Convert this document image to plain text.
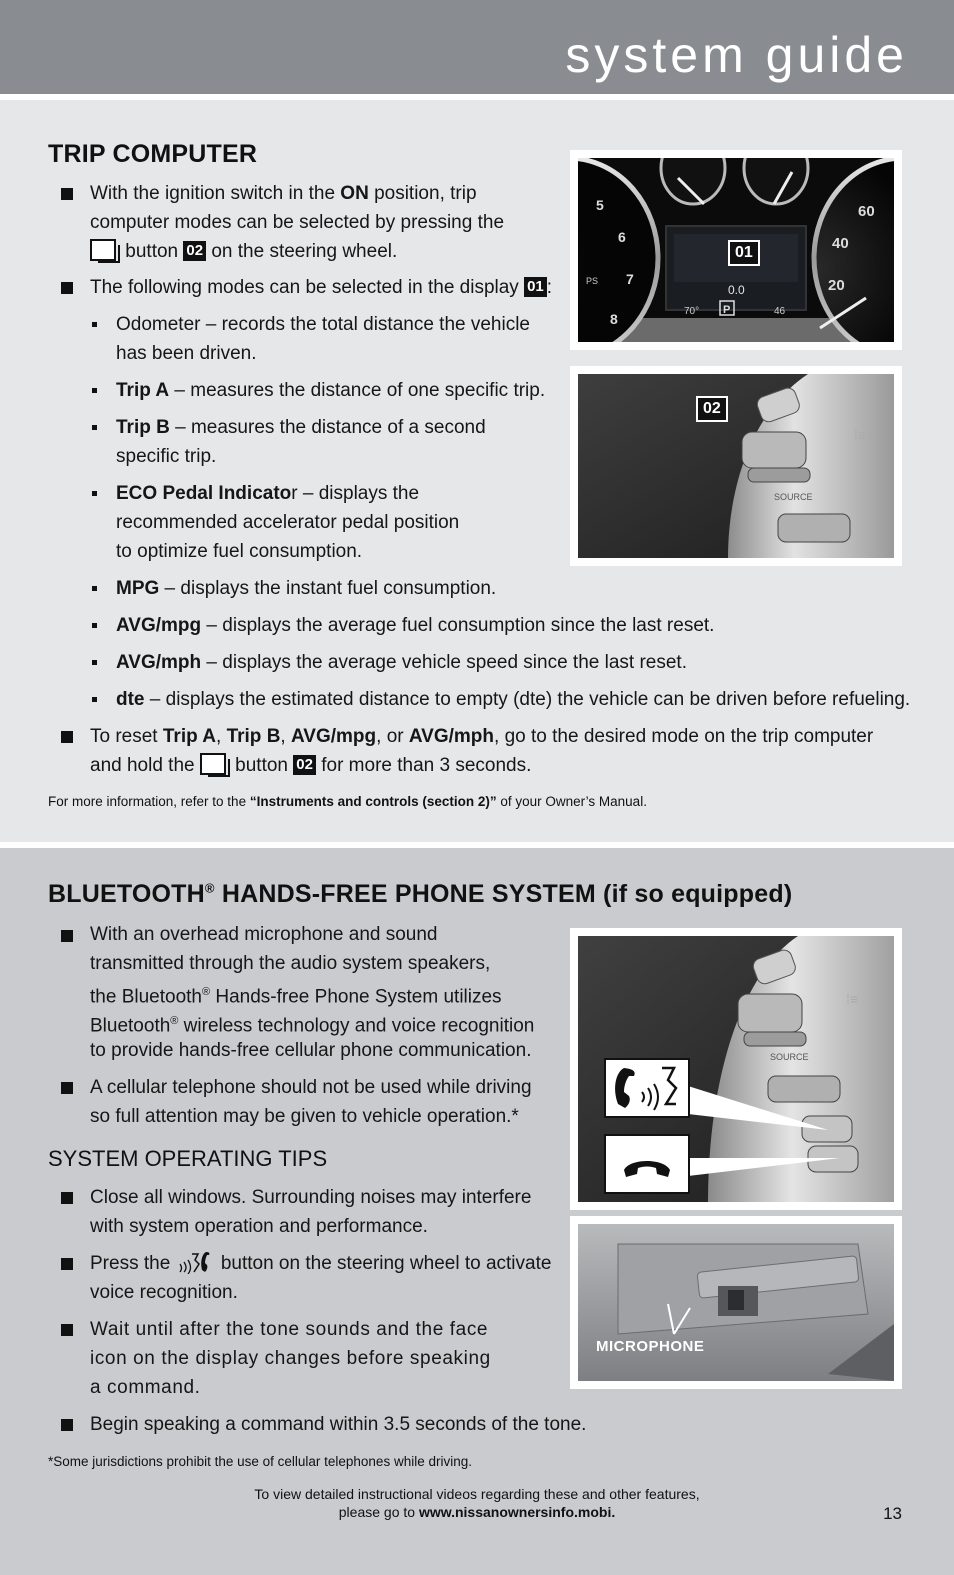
system guide
TRIP COMPUTER
With the ignition switch in the ON position, trip
computer modes can be selected by pressing the
button 02 on the steering wheel.
The following modes can be selected in the display 01 :
Odometer – records the total distance the vehicle
has been driven.
Trip A – measures the distance of one specific trip.
Trip B – measures the distance of a second
specific trip.
ECO Pedal Indicator – displays the
recommended accelerator pedal position
to optimize fuel consumption.
MPG – displays the instant fuel consumption.
AVG/mpg – displays the average fuel consumption since the last reset.
AVG/mph – displays the average vehicle speed since the last reset.
dte – displays the estimated distance to empty (dte) the vehicle can be driven before refueling.
To reset Trip A, Trip B, AVG/mpg, or AVG/mph, go to the desired mode on the trip computer
and hold the  button 02 for more than 3 seconds.
For more information, refer to the “Instruments and controls (section 2)” of your Owner’s Manual.
5
6
7
8
PS
60
40
20
0.0
70° P	46
01
SOURCE
⁞≡
02
BLUETOOTH® HANDS-FREE PHONE SYSTEM (if so equipped)
With an overhead microphone and sound
transmitted through the audio system speakers,
the Bluetooth® Hands-free Phone System utilizes
Bluetooth® wireless technology and voice recognition
to provide hands-free cellular phone communication.
A cellular telephone should not be used while driving
so full attention may be given to vehicle operation.*
SYSTEM OPERATING TIPS
Close all windows. Surrounding noises may interfere
with system operation and performance.
Press the  button on the steering wheel to activate
voice recognition.
Wait until after the tone sounds and the face
icon on the display changes before speaking
a command.
Begin speaking a command within 3.5 seconds of the tone.
*Some jurisdictions prohibit the use of cellular telephones while driving.
SOURCE
⁞≡
MICROPHONE
To view detailed instructional videos regarding these and other features,
please go to www.nissanownersinfo.mobi.	13
